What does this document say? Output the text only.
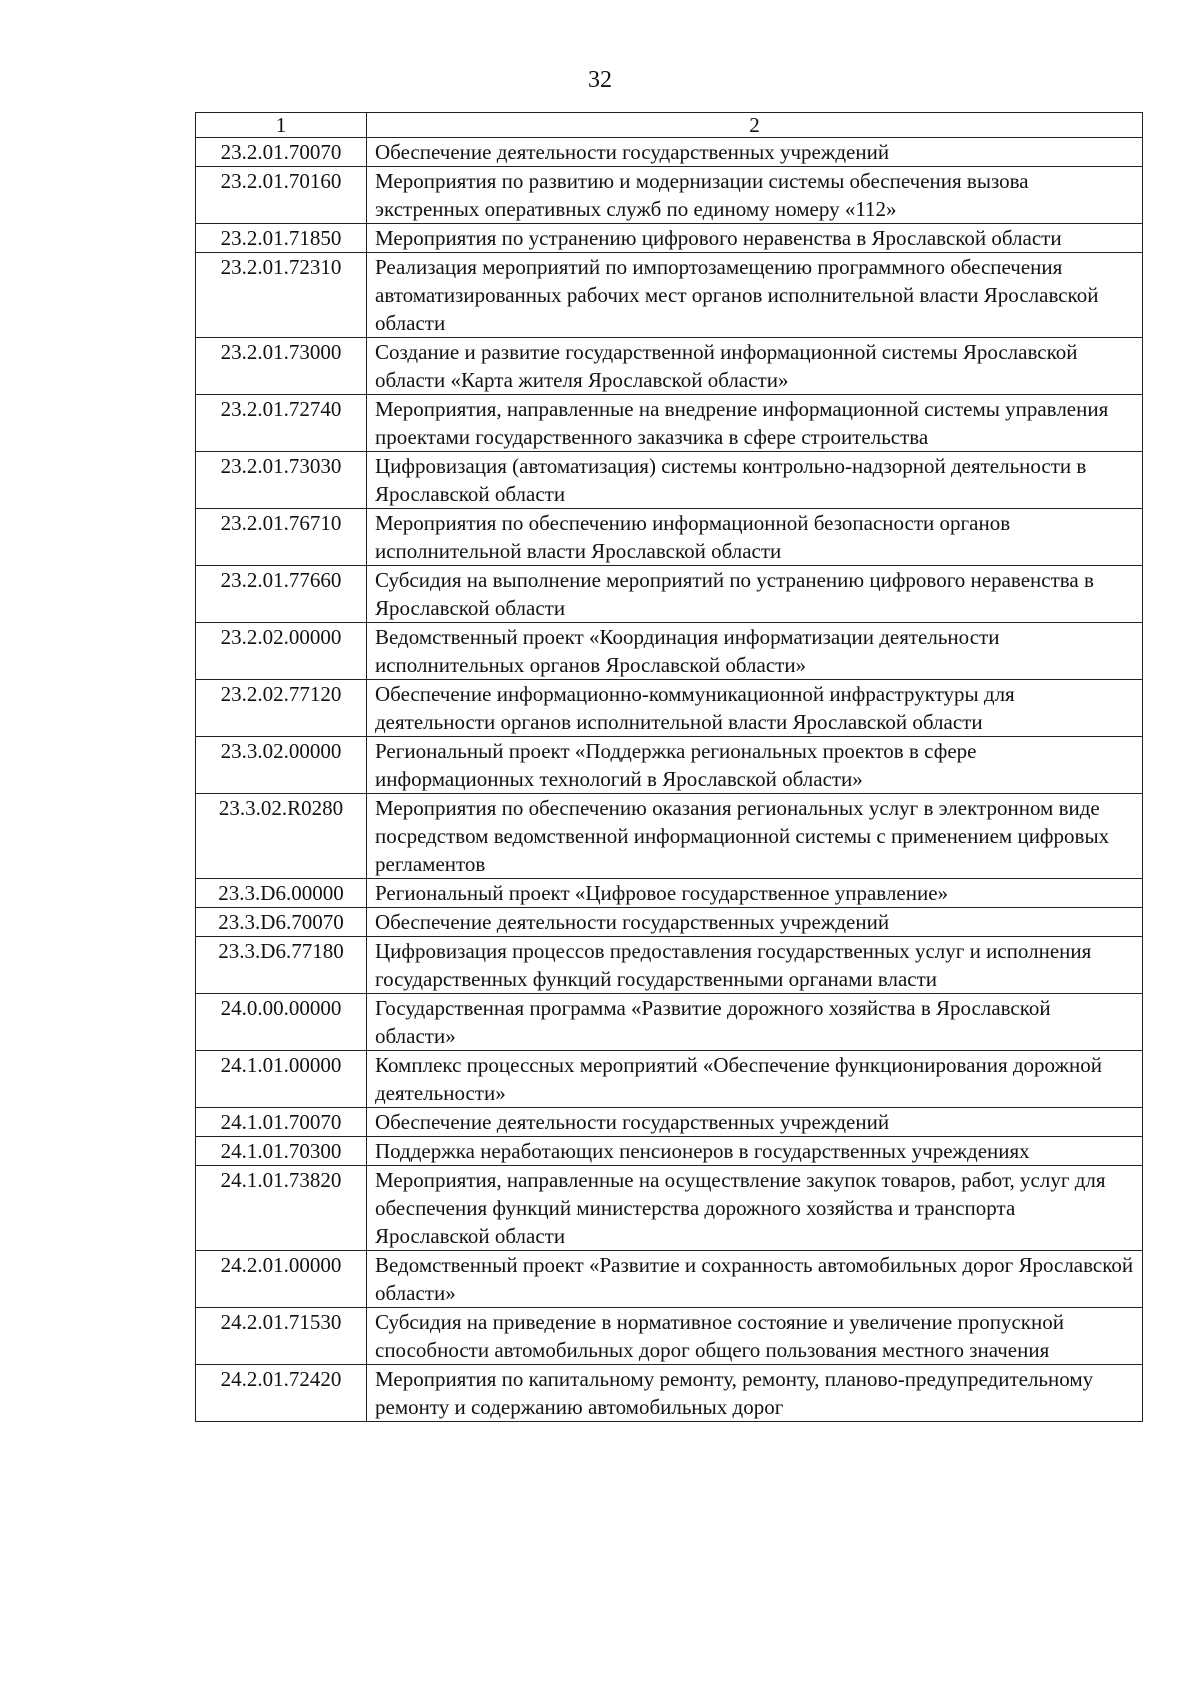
32
1	2
23.2.01.70070	Обеспечение деятельности государственных учреждений
23.2.01.70160	Мероприятия по развитию и модернизации системы обеспечения вызова экстренных оперативных служб по единому номеру «112»
23.2.01.71850	Мероприятия по устранению цифрового неравенства в Ярославской области
23.2.01.72310	Реализация мероприятий по импортозамещению программного обеспечения автоматизированных рабочих мест органов исполнительной власти Ярославской области
23.2.01.73000	Создание и развитие государственной информационной системы Ярославской области «Карта жителя Ярославской области»
23.2.01.72740	Мероприятия, направленные на внедрение информационной системы управления проектами государственного заказчика в сфере строительства
23.2.01.73030	Цифровизация (автоматизация) системы контрольно-надзорной деятельности в Ярославской области
23.2.01.76710	Мероприятия по обеспечению информационной безопасности органов исполнительной власти Ярославской области
23.2.01.77660	Субсидия на выполнение мероприятий по устранению цифрового неравенства в Ярославской области
23.2.02.00000	Ведомственный проект «Координация информатизации деятельности исполнительных органов Ярославской области»
23.2.02.77120	Обеспечение информационно-коммуникационной инфраструктуры для деятельности органов исполнительной власти Ярославской области
23.3.02.00000	Региональный проект «Поддержка региональных проектов в сфере информационных технологий в Ярославской области»
23.3.02.R0280	Мероприятия по обеспечению оказания региональных услуг в электронном виде посредством ведомственной информационной системы с применением цифровых регламентов
23.3.D6.00000	Региональный проект «Цифровое государственное управление»
23.3.D6.70070	Обеспечение деятельности государственных учреждений
23.3.D6.77180	Цифровизация процессов предоставления государственных услуг и исполнения государственных функций государственными органами власти
24.0.00.00000	Государственная программа «Развитие дорожного хозяйства в Ярославской области»
24.1.01.00000	Комплекс процессных мероприятий «Обеспечение функционирования дорожной деятельности»
24.1.01.70070	Обеспечение деятельности государственных учреждений
24.1.01.70300	Поддержка неработающих пенсионеров в государственных учреждениях
24.1.01.73820	Мероприятия, направленные на осуществление закупок товаров, работ, услуг для обеспечения функций министерства дорожного хозяйства и транспорта Ярославской области
24.2.01.00000	Ведомственный проект «Развитие и сохранность автомобильных дорог Ярославской области»
24.2.01.71530	Субсидия на приведение в нормативное состояние и увеличение пропускной способности автомобильных дорог общего пользования местного значения
24.2.01.72420	Мероприятия по капитальному ремонту, ремонту, планово-предупредительному ремонту и содержанию автомобильных дорог
